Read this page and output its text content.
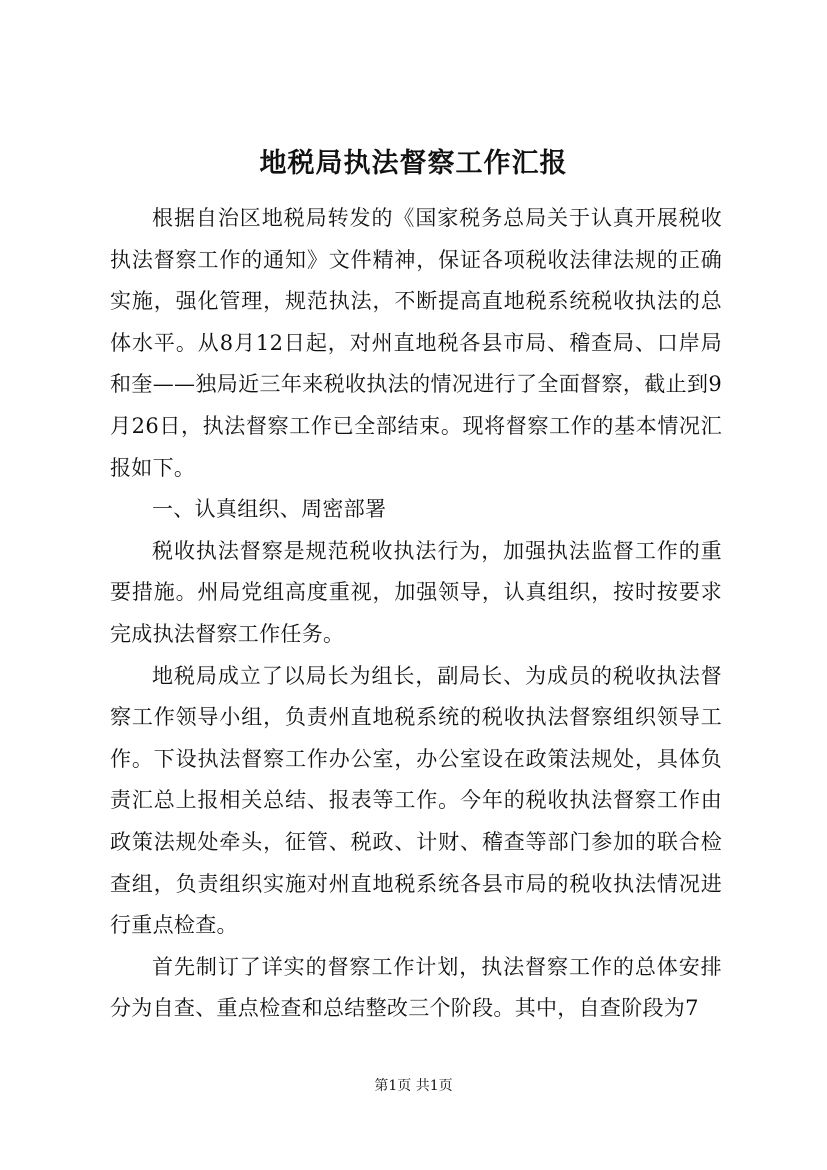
地税局执法督察工作汇报

根据自治区地税局转发的《国家税务总局关于认真开展税收执法督察工作的通知》文件精神，保证各项税收法律法规的正确实施，强化管理，规范执法，不断提高直地税系统税收执法的总体水平。从8月12日起，对州直地税各县市局、稽查局、口岸局和奎——独局近三年来税收执法的情况进行了全面督察，截止到9月26日，执法督察工作已全部结束。现将督察工作的基本情况汇报如下。

一、认真组织、周密部署

税收执法督察是规范税收执法行为，加强执法监督工作的重要措施。州局党组高度重视，加强领导，认真组织，按时按要求完成执法督察工作任务。

地税局成立了以局长为组长，副局长、为成员的税收执法督察工作领导小组，负责州直地税系统的税收执法督察组织领导工作。下设执法督察工作办公室，办公室设在政策法规处，具体负责汇总上报相关总结、报表等工作。今年的税收执法督察工作由政策法规处牵头，征管、税政、计财、稽查等部门参加的联合检查组，负责组织实施对州直地税系统各县市局的税收执法情况进行重点检查。

首先制订了详实的督察工作计划，执法督察工作的总体安排分为自查、重点检查和总结整改三个阶段。其中，自查阶段为7

第1页 共1页
